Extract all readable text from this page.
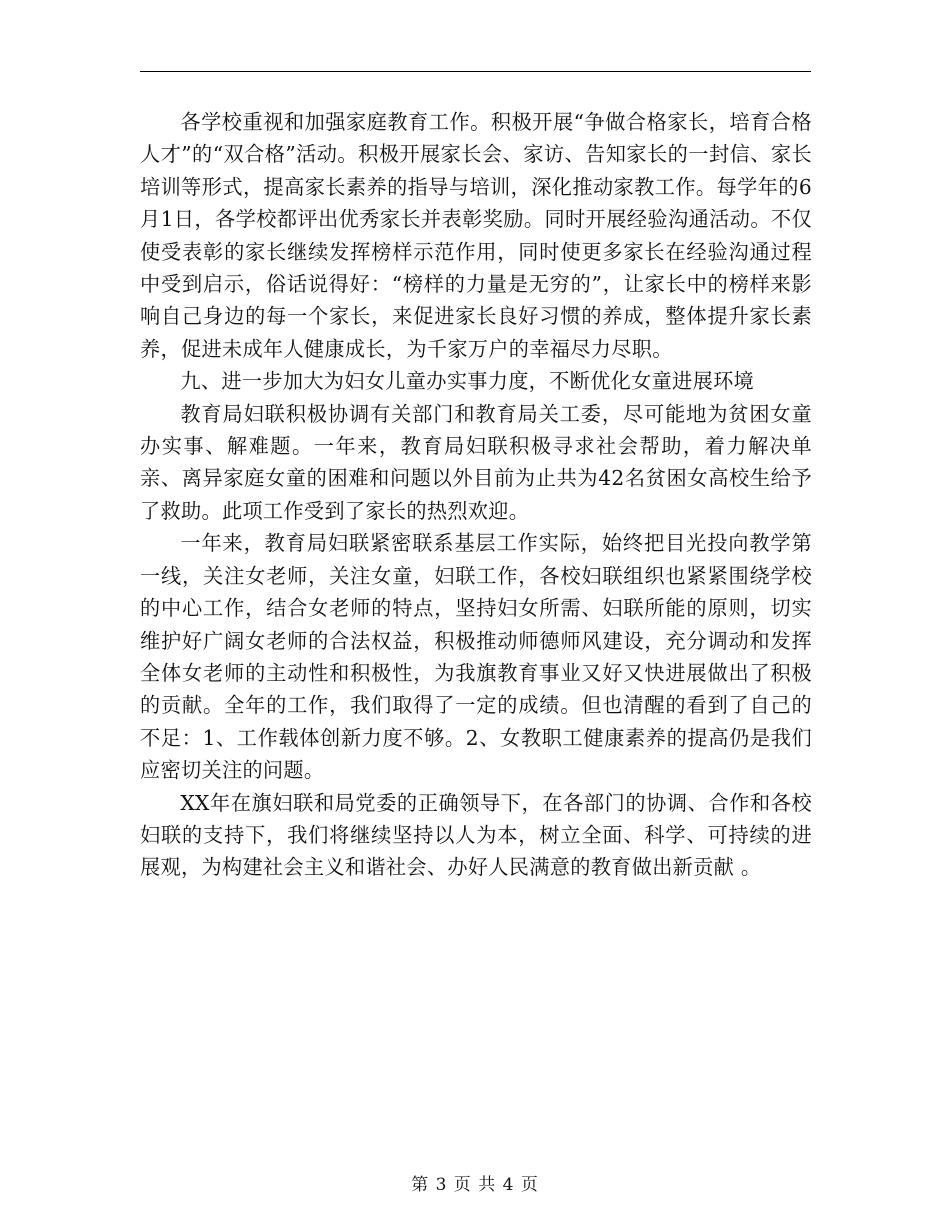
各学校重视和加强家庭教育工作。积极开展“争做合格家长，培育合格人才”的“双合格”活动。积极开展家长会、家访、告知家长的一封信、家长培训等形式，提高家长素养的指导与培训，深化推动家教工作。每学年的6月1日，各学校都评出优秀家长并表彰奖励。同时开展经验沟通活动。不仅使受表彰的家长继续发挥榜样示范作用，同时使更多家长在经验沟通过程中受到启示，俗话说得好：“榜样的力量是无穷的”，让家长中的榜样来影响自己身边的每一个家长，来促进家长良好习惯的养成，整体提升家长素养，促进未成年人健康成长，为千家万户的幸福尽力尽职。

九、进一步加大为妇女儿童办实事力度，不断优化女童进展环境

教育局妇联积极协调有关部门和教育局关工委，尽可能地为贫困女童办实事、解难题。一年来，教育局妇联积极寻求社会帮助，着力解决单亲、离异家庭女童的困难和问题以外目前为止共为42名贫困女高校生给予了救助。此项工作受到了家长的热烈欢迎。

一年来，教育局妇联紧密联系基层工作实际，始终把目光投向教学第一线，关注女老师，关注女童，妇联工作，各校妇联组织也紧紧围绕学校的中心工作，结合女老师的特点，坚持妇女所需、妇联所能的原则，切实维护好广阔女老师的合法权益，积极推动师德师风建设，充分调动和发挥全体女老师的主动性和积极性，为我旗教育事业又好又快进展做出了积极的贡献。全年的工作，我们取得了一定的成绩。但也清醒的看到了自己的不足：1、工作载体创新力度不够。2、女教职工健康素养的提高仍是我们应密切关注的问题。

XX年在旗妇联和局党委的正确领导下，在各部门的协调、合作和各校妇联的支持下，我们将继续坚持以人为本，树立全面、科学、可持续的进展观，为构建社会主义和谐社会、办好人民满意的教育做出新贡献 。

第 3 页 共 4 页
